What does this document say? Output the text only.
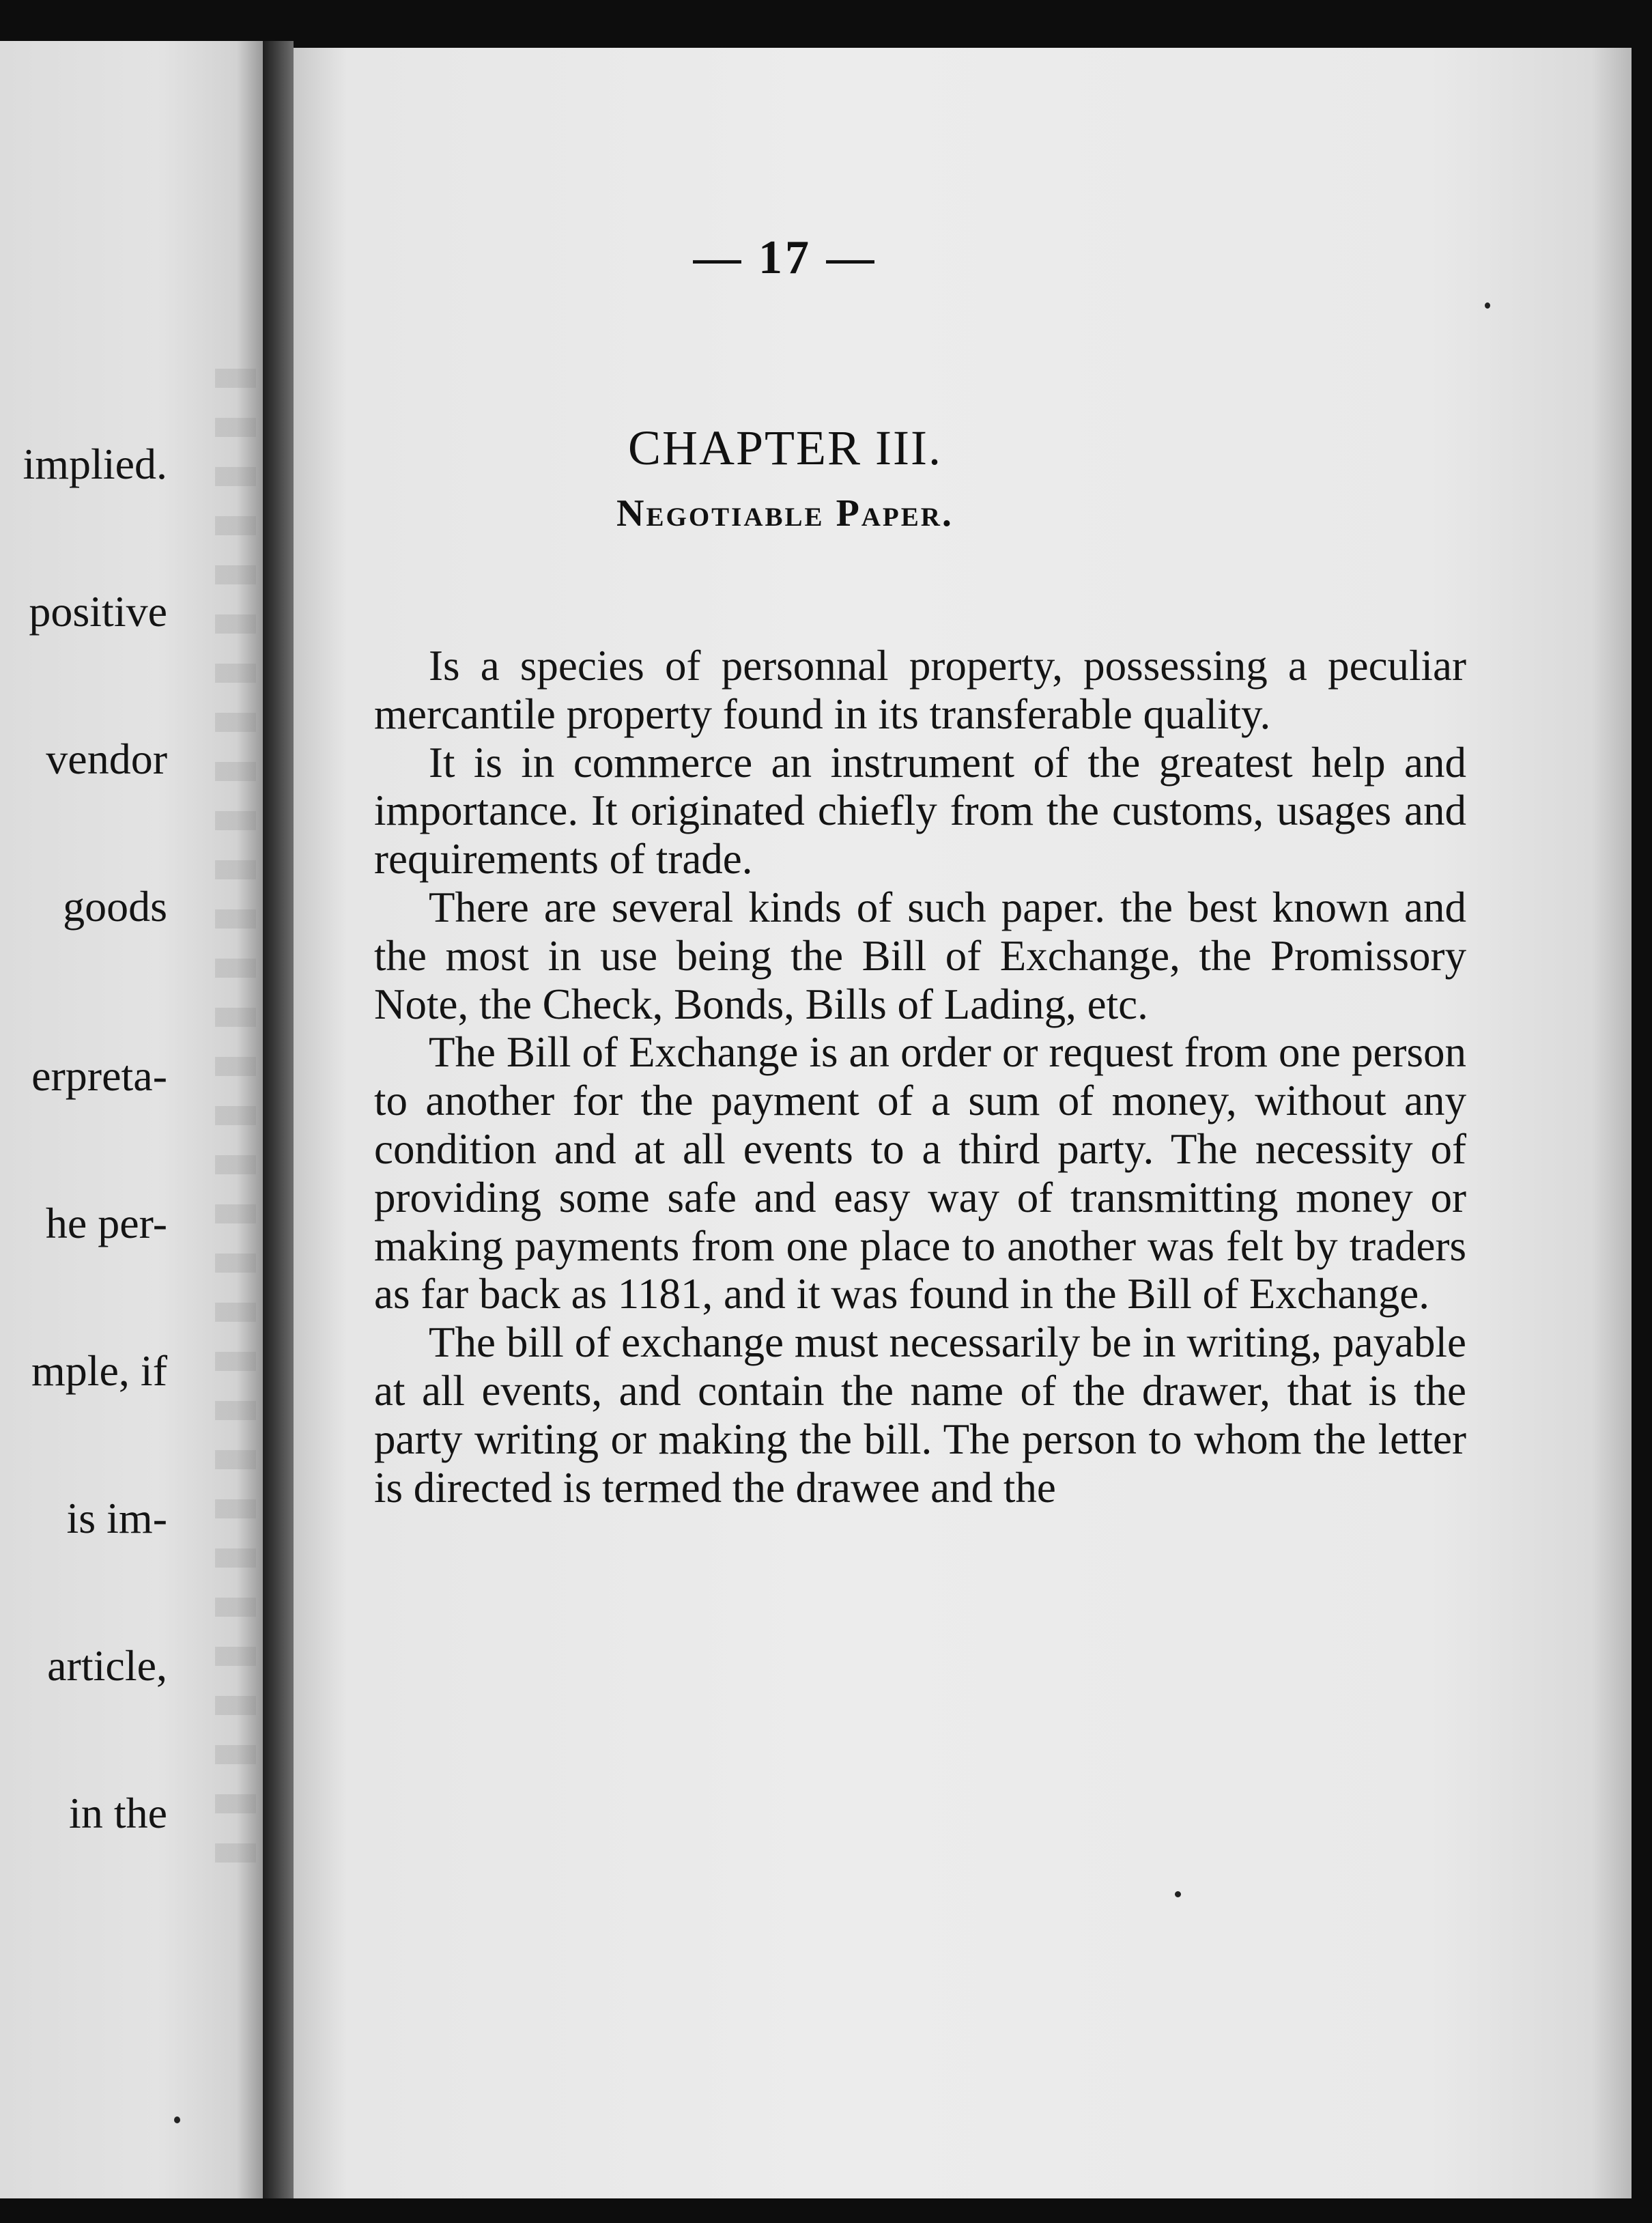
implied.

positive

vendor

goods

erpreta-

he per-

mple, if

is im-

article,

in the

— 17 —
CHAPTER III.
Negotiable Paper.

Is a species of personnal property, possessing a peculiar mercantile property found in its transferable quality.

It is in commerce an instrument of the greatest help and importance. It originated chiefly from the customs, usages and requirements of trade.

There are several kinds of such paper. the best known and the most in use being the Bill of Exchange, the Promissory Note, the Check, Bonds, Bills of Lading, etc.

The Bill of Exchange is an order or request from one person to another for the payment of a sum of money, without any condition and at all events to a third party. The necessity of providing some safe and easy way of transmitting money or making payments from one place to another was felt by traders as far back as 1181, and it was found in the Bill of Exchange.

The bill of exchange must necessarily be in writing, payable at all events, and contain the name of the drawer, that is the party writing or making the bill. The person to whom the letter is directed is termed the drawee and the
